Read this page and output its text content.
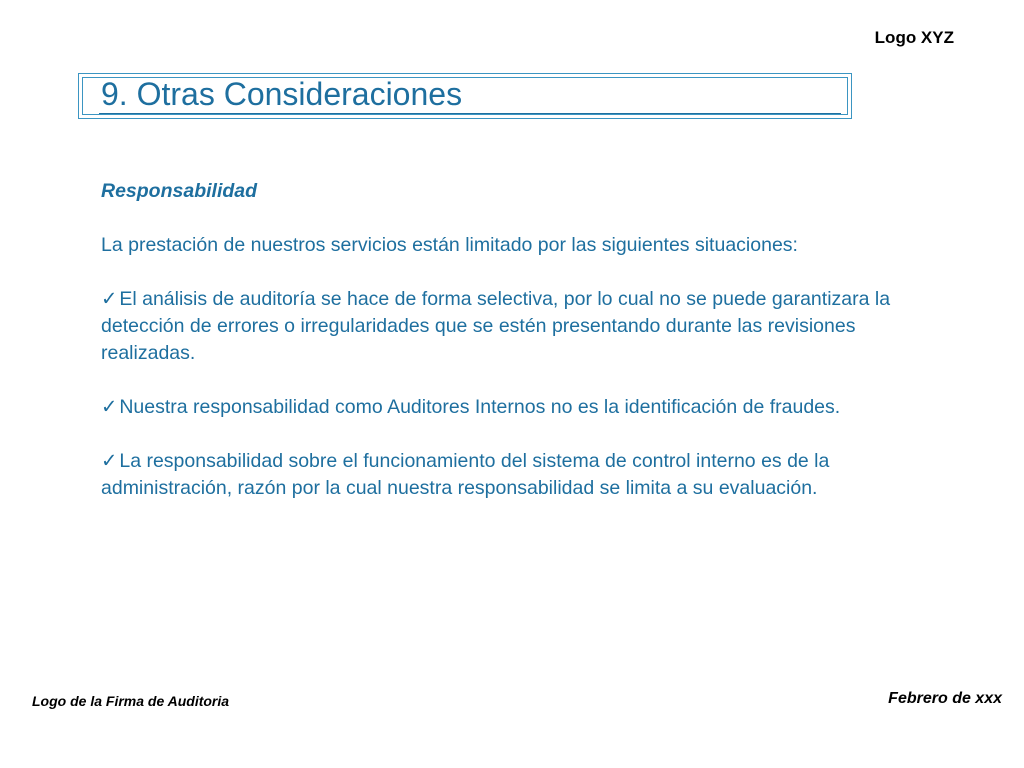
Logo XYZ
9. Otras Consideraciones

Responsabilidad

La prestación de nuestros servicios están limitado por las siguientes situaciones:

✓ El análisis de auditoría se hace de forma selectiva, por lo cual no se puede garantizara la detección de errores o irregularidades que se estén presentando durante las revisiones realizadas.

✓ Nuestra responsabilidad como Auditores Internos no es la identificación de fraudes.

✓ La responsabilidad sobre el funcionamiento del sistema de control interno es de la administración, razón por la cual nuestra responsabilidad se limita a su evaluación.

Logo de la Firma de Auditoria	Febrero de xxx
